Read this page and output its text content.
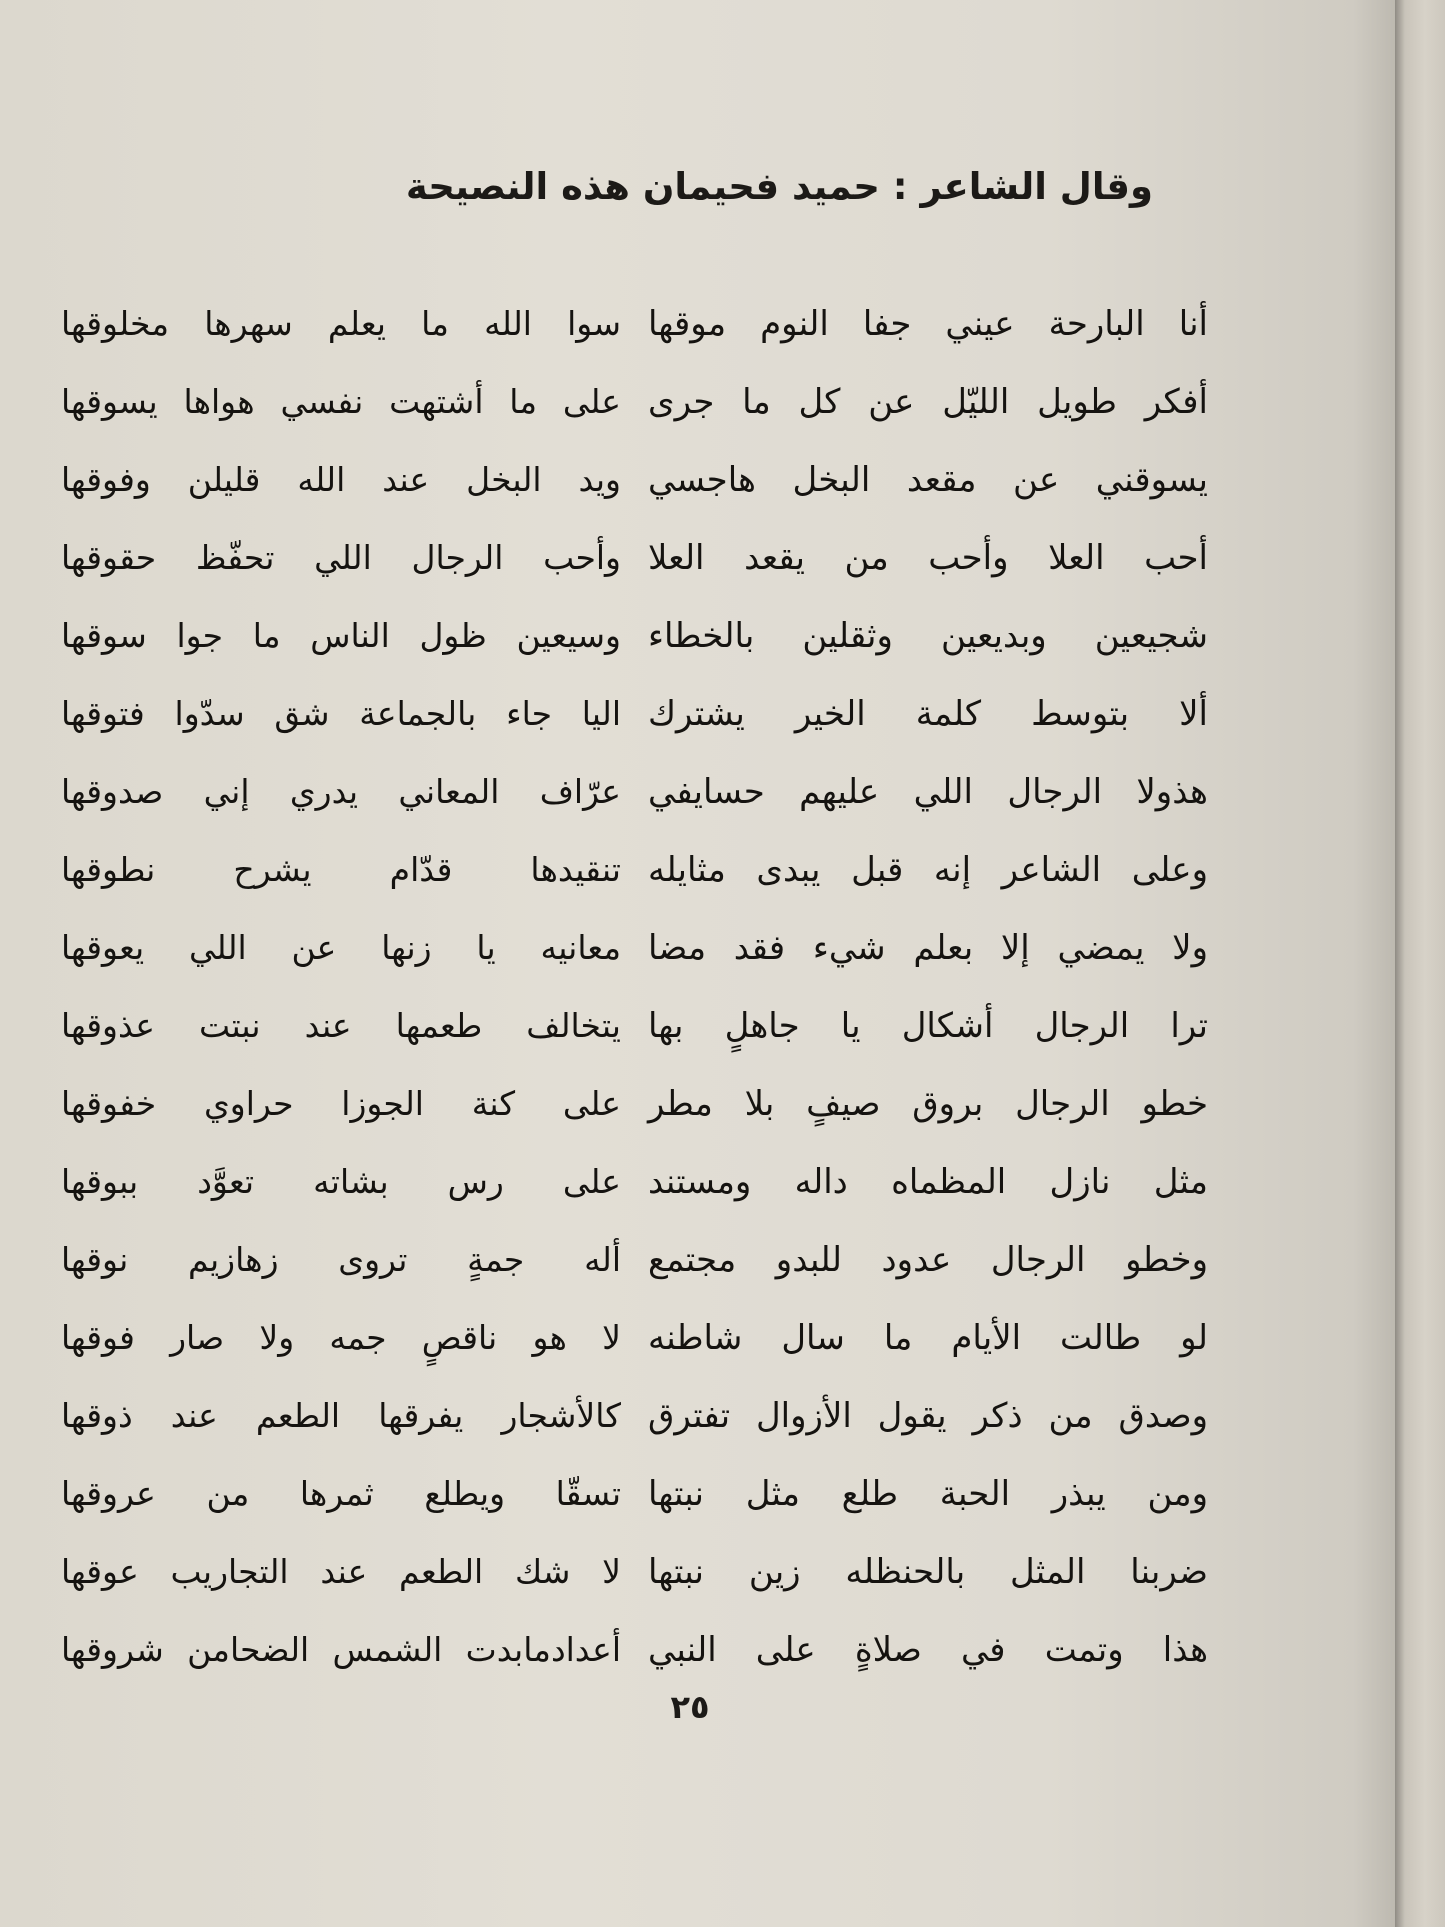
وقال الشاعر : حميد فحيمان هذه النصيحة
أنا البارحة عيني جفا النوم موقها
أفكر طويل الليّل عن كل ما جرى
يسوقني عن مقعد البخل هاجسي
أحب العلا وأحب من يقعد العلا
شجيعين وبديعين وثقلين بالخطاء
ألا بتوسط كلمة الخير يشترك
هذولا الرجال اللي عليهم حسايفي
وعلى الشاعر إنه قبل يبدى مثايله
ولا يمضي إلا بعلم شيء فقد مضا
ترا الرجال أشكال يا جاهلٍ بها
خطو الرجال بروق صيفٍ بلا مطر
مثل نازل المظماه داله ومستند
وخطو الرجال عدود للبدو مجتمع
لو طالت الأيام ما سال شاطنه
وصدق من ذكر يقول الأزوال تفترق
ومن يبذر الحبة طلع مثل نبتها
ضربنا المثل بالحنظله زين نبتها
هذا وتمت في صلاةٍ على النبي
سوا الله ما يعلم سهرها مخلوقها
على ما أشتهت نفسي هواها يسوقها
ويد البخل عند الله قليلن وفوقها
وأحب الرجال اللي تحفّظ حقوقها
وسيعين ظول الناس ما جوا سوقها
اليا جاء بالجماعة شق سدّوا فتوقها
عرّاف المعاني يدري إني صدوقها
تنقيدها قدّام يشرح نطوقها
معانيه يا زنها عن اللي يعوقها
يتخالف طعمها عند نبتت عذوقها
على كنة الجوزا حراوي خفوقها
على رس بشاته تعوَّد ببوقها
أله جمةٍ تروى زهازيم نوقها
لا هو ناقصٍ جمه ولا صار فوقها
كالأشجار يفرقها الطعم عند ذوقها
تسقّا ويطلع ثمرها من عروقها
لا شك الطعم عند التجاريب عوقها
أعدادمابدت الشمس الضحامن شروقها
٢٥
